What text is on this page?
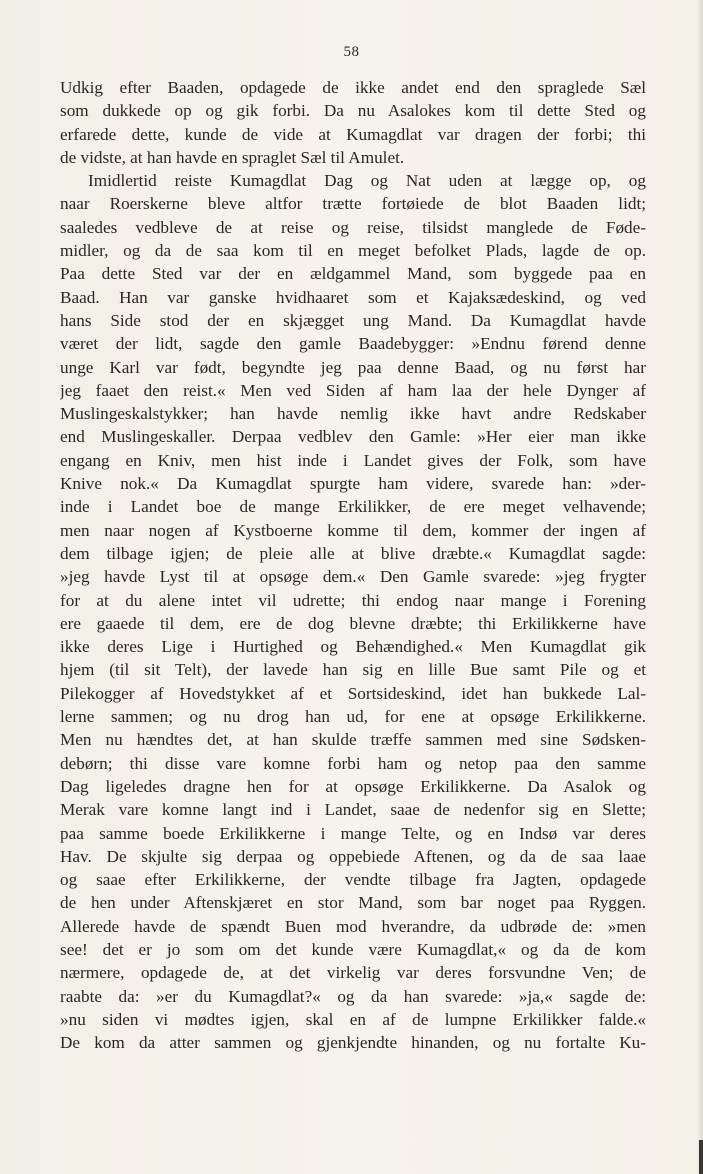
58
Udkig efter Baaden, opdagede de ikke andet end den spraglede Sæl
som dukkede op og gik forbi. Da nu Asalokes kom til dette Sted og
erfarede dette, kunde de vide at Kumagdlat var dragen der forbi; thi
de vidste, at han havde en spraglet Sæl til Amulet.
Imidlertid reiste Kumagdlat Dag og Nat uden at lægge op, og
naar Roerskerne bleve altfor trætte fortøiede de blot Baaden lidt;
saaledes vedbleve de at reise og reise, tilsidst manglede de Føde-
midler, og da de saa kom til en meget befolket Plads, lagde de op.
Paa dette Sted var der en ældgammel Mand, som byggede paa en
Baad. Han var ganske hvidhaaret som et Kajaksædeskind, og ved
hans Side stod der en skjægget ung Mand. Da Kumagdlat havde
været der lidt, sagde den gamle Baadebygger: »Endnu førend denne
unge Karl var født, begyndte jeg paa denne Baad, og nu først har
jeg faaet den reist.« Men ved Siden af ham laa der hele Dynger af
Muslingeskalstykker; han havde nemlig ikke havt andre Redskaber
end Muslingeskaller. Derpaa vedblev den Gamle: »Her eier man ikke
engang en Kniv, men hist inde i Landet gives der Folk, som have
Knive nok.« Da Kumagdlat spurgte ham videre, svarede han: »der-
inde i Landet boe de mange Erkilikker, de ere meget velhavende;
men naar nogen af Kystboerne komme til dem, kommer der ingen af
dem tilbage igjen; de pleie alle at blive dræbte.« Kumagdlat sagde:
»jeg havde Lyst til at opsøge dem.« Den Gamle svarede: »jeg frygter
for at du alene intet vil udrette; thi endog naar mange i Forening
ere gaaede til dem, ere de dog blevne dræbte; thi Erkilikkerne have
ikke deres Lige i Hurtighed og Behændighed.« Men Kumagdlat gik
hjem (til sit Telt), der lavede han sig en lille Bue samt Pile og et
Pilekogger af Hovedstykket af et Sortsideskind, idet han bukkede Lal-
lerne sammen; og nu drog han ud, for ene at opsøge Erkilikkerne.
Men nu hændtes det, at han skulde træffe sammen med sine Sødsken-
debørn; thi disse vare komne forbi ham og netop paa den samme
Dag ligeledes dragne hen for at opsøge Erkilikkerne. Da Asalok og
Merak vare komne langt ind i Landet, saae de nedenfor sig en Slette;
paa samme boede Erkilikkerne i mange Telte, og en Indsø var deres
Hav. De skjulte sig derpaa og oppebiede Aftenen, og da de saa laae
og saae efter Erkilikkerne, der vendte tilbage fra Jagten, opdagede
de hen under Aftenskjæret en stor Mand, som bar noget paa Ryggen.
Allerede havde de spændt Buen mod hverandre, da udbrøde de: »men
see! det er jo som om det kunde være Kumagdlat,« og da de kom
nærmere, opdagede de, at det virkelig var deres forsvundne Ven; de
raabte da: »er du Kumagdlat?« og da han svarede: »ja,« sagde de:
»nu siden vi mødtes igjen, skal en af de lumpne Erkilikker falde.«
De kom da atter sammen og gjenkjendte hinanden, og nu fortalte Ku-
